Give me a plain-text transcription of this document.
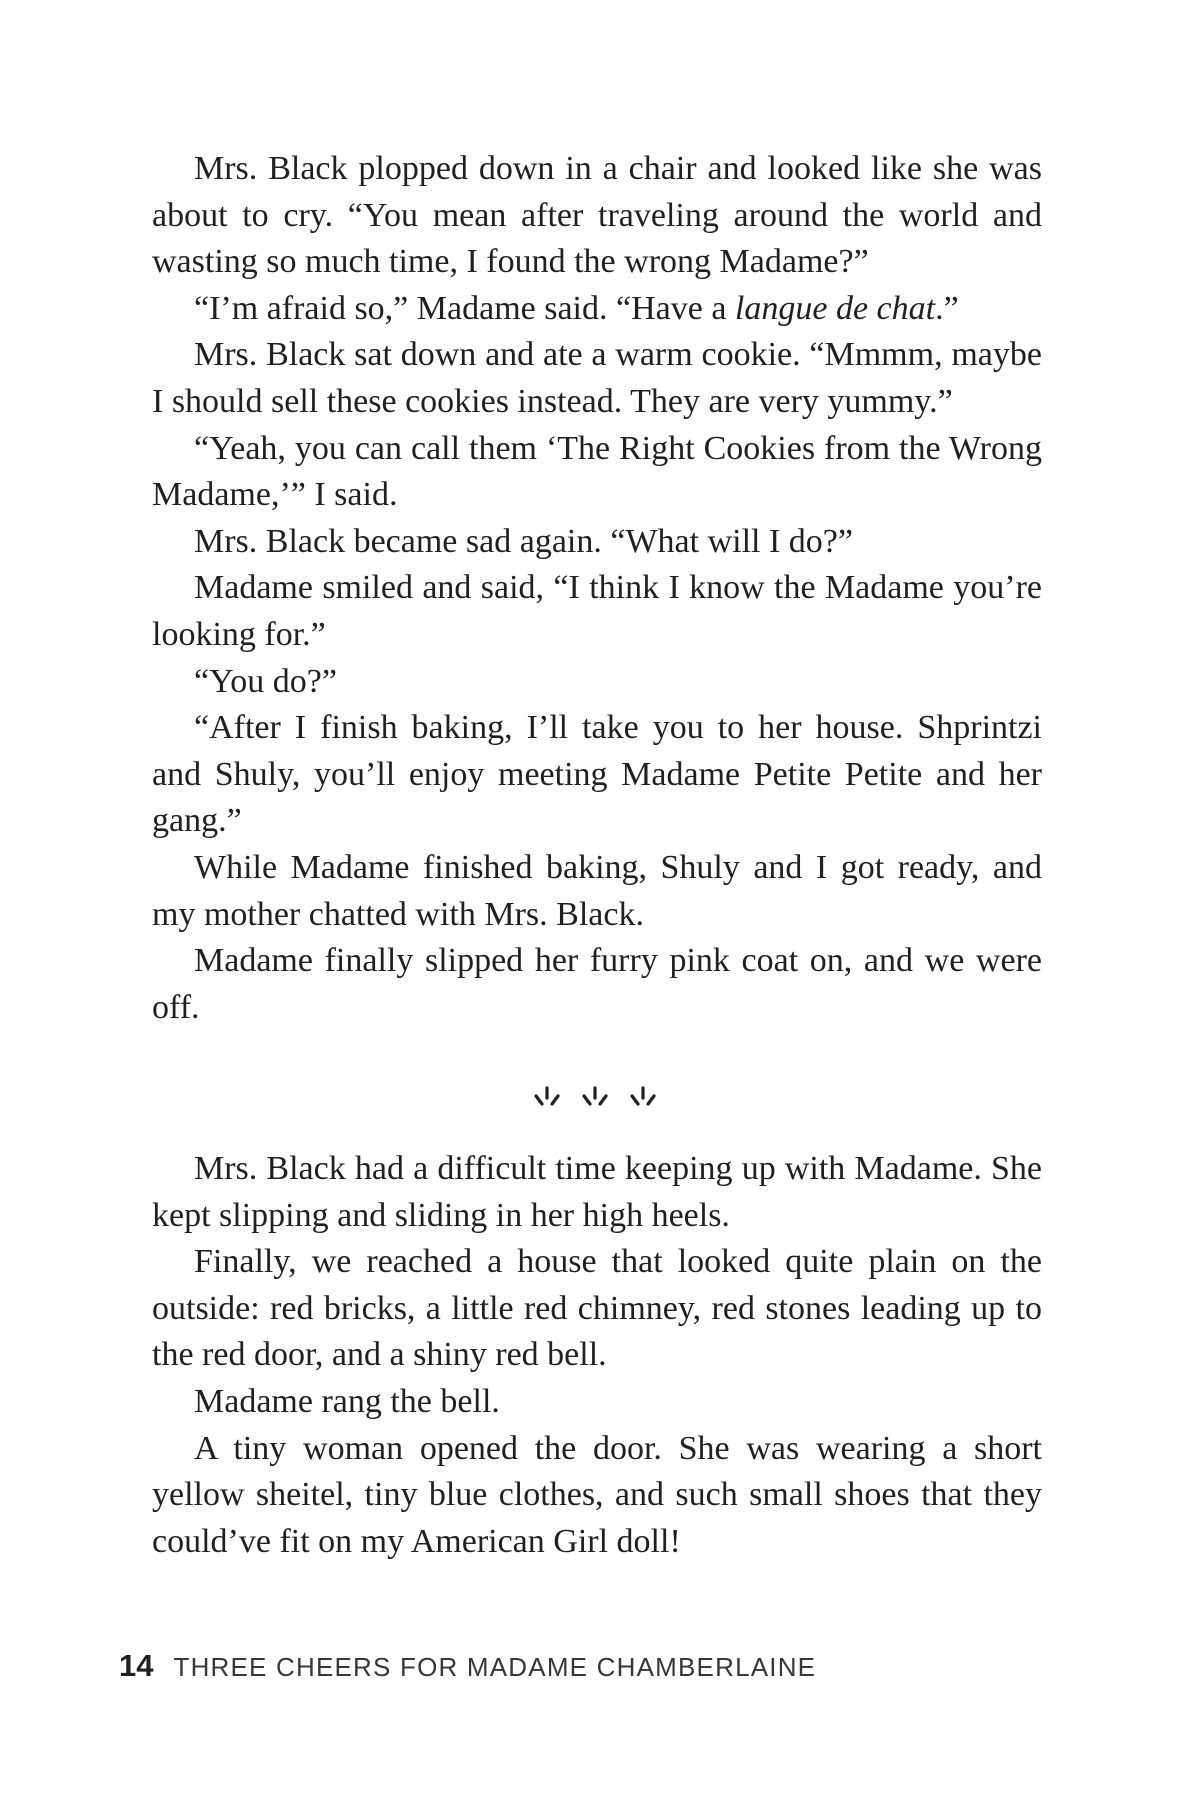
Mrs. Black plopped down in a chair and looked like she was about to cry. “You mean after traveling around the world and wasting so much time, I found the wrong Madame?”

“I’m afraid so,” Madame said. “Have a langue de chat.”

Mrs. Black sat down and ate a warm cookie. “Mmmm, maybe I should sell these cookies instead. They are very yummy.”

“Yeah, you can call them ‘The Right Cookies from the Wrong Madame,’” I said.

Mrs. Black became sad again. “What will I do?”

Madame smiled and said, “I think I know the Madame you’re looking for.”

“You do?”

“After I finish baking, I’ll take you to her house. Shprintzi and Shuly, you’ll enjoy meeting Madame Petite Petite and her gang.”

While Madame finished baking, Shuly and I got ready, and my mother chatted with Mrs. Black.

Madame finally slipped her furry pink coat on, and we were off.

Mrs. Black had a difficult time keeping up with Madame. She kept slipping and sliding in her high heels.

Finally, we reached a house that looked quite plain on the outside: red bricks, a little red chimney, red stones leading up to the red door, and a shiny red bell.

Madame rang the bell.

A tiny woman opened the door. She was wearing a short yellow sheitel, tiny blue clothes, and such small shoes that they could’ve fit on my American Girl doll!

14 THREE CHEERS FOR MADAME CHAMBERLAINE
